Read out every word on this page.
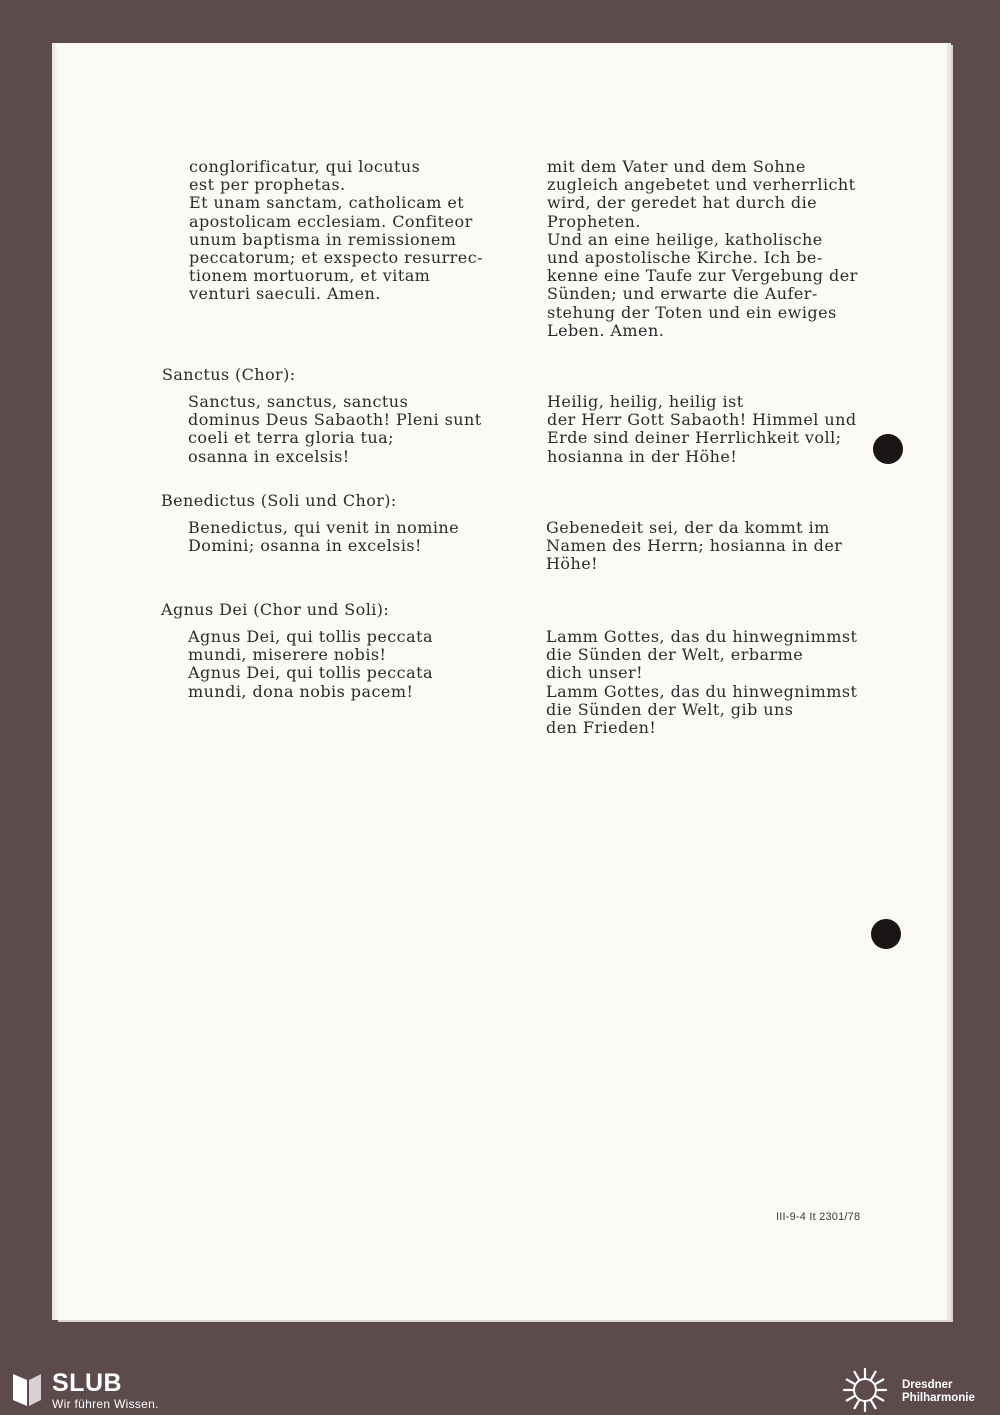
conglorificatur, qui locutus
est per prophetas.
Et unam sanctam, catholicam et
apostolicam ecclesiam. Confiteor
unum baptisma in remissionem
peccatorum; et exspecto resurrec-
tionem mortuorum, et vitam
venturi saeculi. Amen.

mit dem Vater und dem Sohne
zugleich angebetet und verherrlicht
wird, der geredet hat durch die
Propheten.
Und an eine heilige, katholische
und apostolische Kirche. Ich be-
kenne eine Taufe zur Vergebung der
Sünden; und erwarte die Aufer-
stehung der Toten und ein ewiges
Leben. Amen.

Sanctus (Chor):

Sanctus, sanctus, sanctus
dominus Deus Sabaoth! Pleni sunt
coeli et terra gloria tua;
osanna in excelsis!

Heilig, heilig, heilig ist
der Herr Gott Sabaoth! Himmel und
Erde sind deiner Herrlichkeit voll;
hosianna in der Höhe!

Benedictus (Soli und Chor):

Benedictus, qui venit in nomine
Domini; osanna in excelsis!

Gebenedeit sei, der da kommt im
Namen des Herrn; hosianna in der
Höhe!

Agnus Dei (Chor und Soli):

Agnus Dei, qui tollis peccata
mundi, miserere nobis!
Agnus Dei, qui tollis peccata
mundi, dona nobis pacem!

Lamm Gottes, das du hinwegnimmst
die Sünden der Welt, erbarme
dich unser!
Lamm Gottes, das du hinwegnimmst
die Sünden der Welt, gib uns
den Frieden!

III-9-4 It 2301/78
SLUB
Wir führen Wissen.
Dresdner
Philharmonie
